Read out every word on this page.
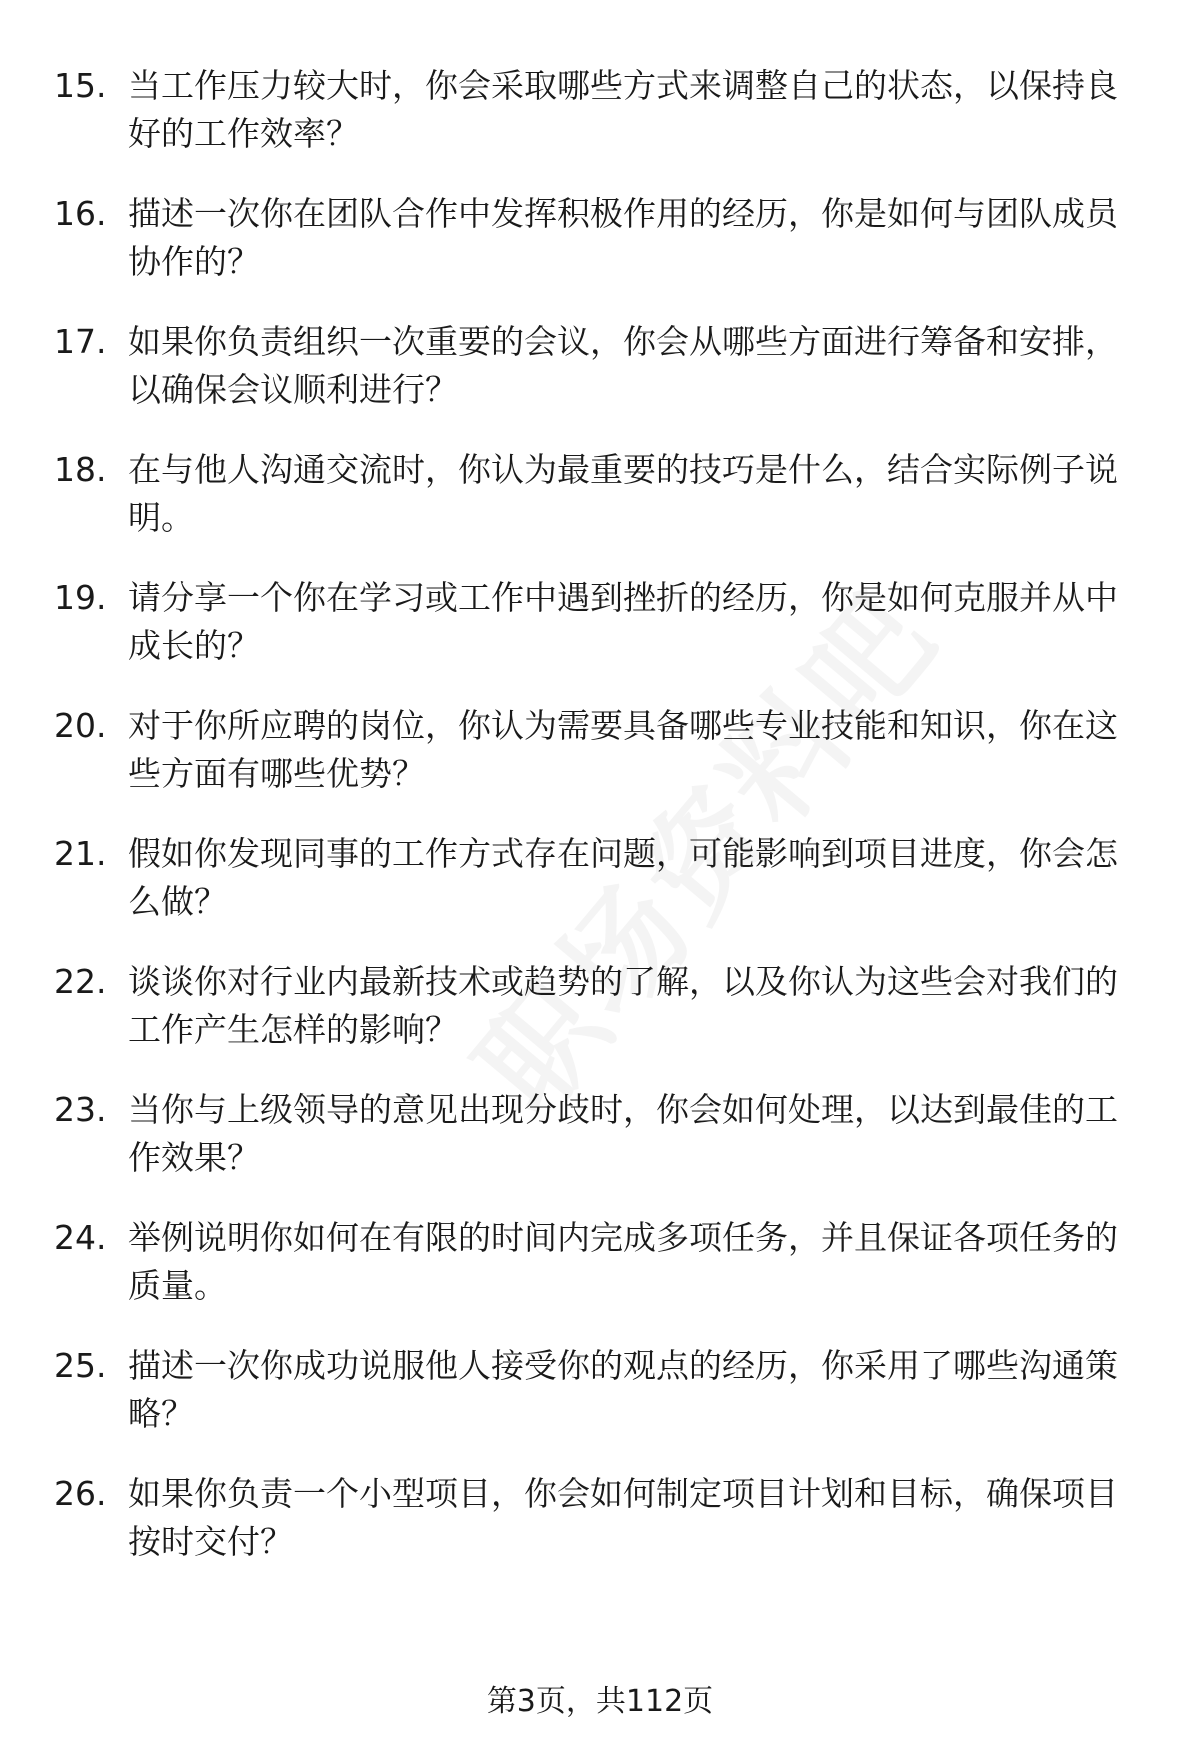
15. 当工作压力较大时，你会采取哪些方式来调整自己的状态，以保持良好的工作效率？
16. 描述一次你在团队合作中发挥积极作用的经历，你是如何与团队成员协作的？
17. 如果你负责组织一次重要的会议，你会从哪些方面进行筹备和安排，以确保会议顺利进行？
18. 在与他人沟通交流时，你认为最重要的技巧是什么，结合实际例子说明。
19. 请分享一个你在学习或工作中遇到挫折的经历，你是如何克服并从中成长的？
20. 对于你所应聘的岗位，你认为需要具备哪些专业技能和知识，你在这些方面有哪些优势？
21. 假如你发现同事的工作方式存在问题，可能影响到项目进度，你会怎么做？
22. 谈谈你对行业内最新技术或趋势的了解，以及你认为这些会对我们的工作产生怎样的影响？
23. 当你与上级领导的意见出现分歧时，你会如何处理，以达到最佳的工作效果？
24. 举例说明你如何在有限的时间内完成多项任务，并且保证各项任务的质量。
25. 描述一次你成功说服他人接受你的观点的经历，你采用了哪些沟通策略？
26. 如果你负责一个小型项目，你会如何制定项目计划和目标，确保项目按时交付？
第3页，共112页
